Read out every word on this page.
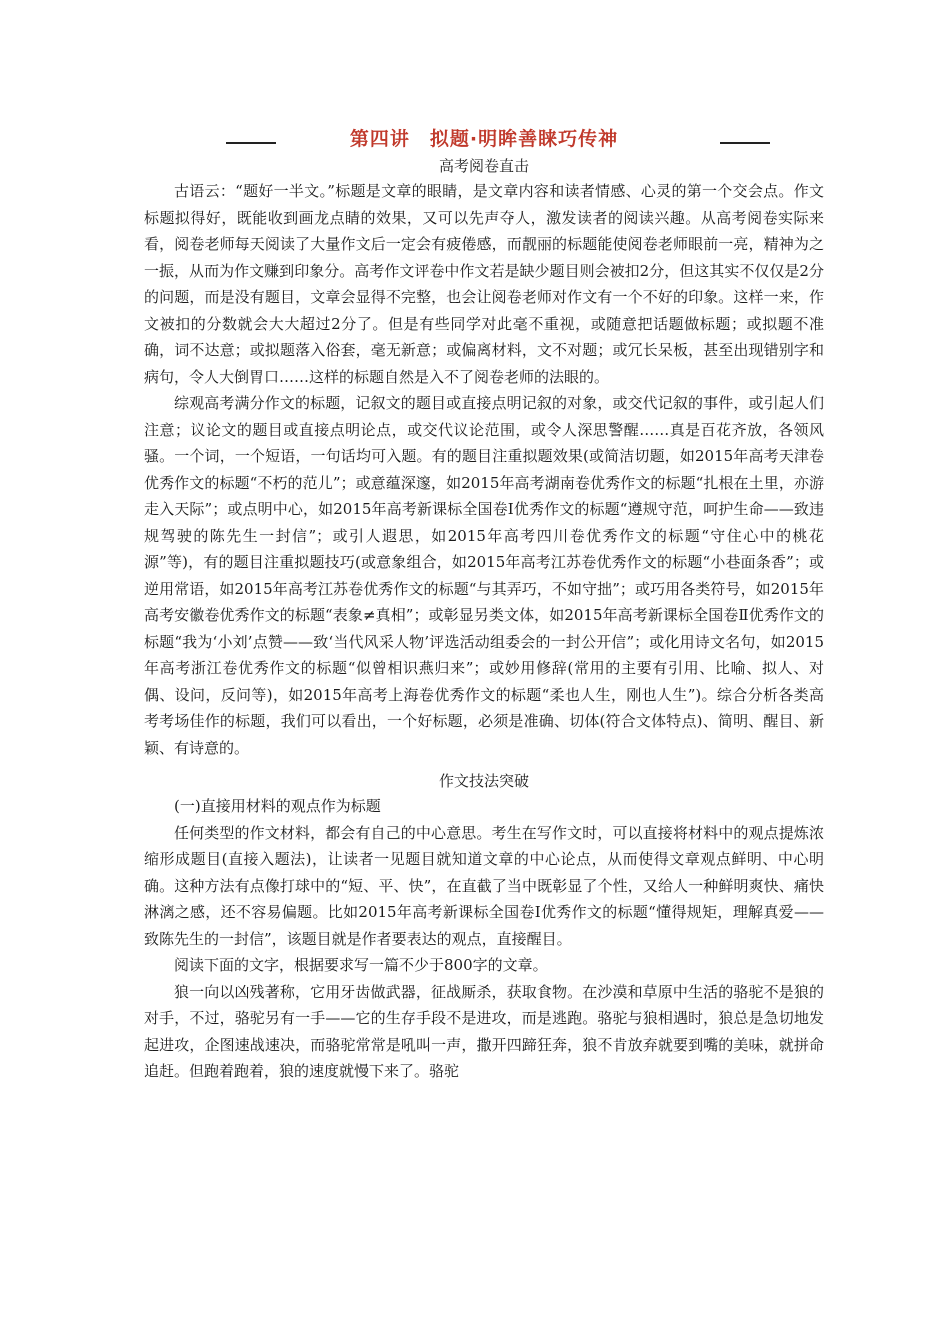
第四讲　拟题·明眸善睐巧传神
高考阅卷直击

古语云：“题好一半文。”标题是文章的眼睛，是文章内容和读者情感、心灵的第一个交会点。作文标题拟得好，既能收到画龙点睛的效果，又可以先声夺人，激发读者的阅读兴趣。从高考阅卷实际来看，阅卷老师每天阅读了大量作文后一定会有疲倦感，而靓丽的标题能使阅卷老师眼前一亮，精神为之一振，从而为作文赚到印象分。高考作文评卷中作文若是缺少题目则会被扣2分，但这其实不仅仅是2分的问题，而是没有题目，文章会显得不完整，也会让阅卷老师对作文有一个不好的印象。这样一来，作文被扣的分数就会大大超过2分了。但是有些同学对此毫不重视，或随意把话题做标题；或拟题不准确，词不达意；或拟题落入俗套，毫无新意；或偏离材料，文不对题；或冗长呆板，甚至出现错别字和病句，令人大倒胃口……这样的标题自然是入不了阅卷老师的法眼的。

综观高考满分作文的标题，记叙文的题目或直接点明记叙的对象，或交代记叙的事件，或引起人们注意；议论文的题目或直接点明论点，或交代议论范围，或令人深思警醒……真是百花齐放，各领风骚。一个词，一个短语，一句话均可入题。有的题目注重拟题效果(或简洁切题，如2015年高考天津卷优秀作文的标题“不朽的范儿”；或意蕴深邃，如2015年高考湖南卷优秀作文的标题“扎根在土里，亦游走入天际”；或点明中心，如2015年高考新课标全国卷Ⅰ优秀作文的标题“遵规守范，呵护生命——致违规驾驶的陈先生一封信”；或引人遐思，如2015年高考四川卷优秀作文的标题“守住心中的桃花源”等)，有的题目注重拟题技巧(或意象组合，如2015年高考江苏卷优秀作文的标题“小巷面条香”；或逆用常语，如2015年高考江苏卷优秀作文的标题“与其弄巧，不如守拙”；或巧用各类符号，如2015年高考安徽卷优秀作文的标题“表象≠真相”；或彰显另类文体，如2015年高考新课标全国卷Ⅱ优秀作文的标题“我为‘小刘’点赞——致‘当代风采人物’评选活动组委会的一封公开信”；或化用诗文名句，如2015年高考浙江卷优秀作文的标题“似曾相识燕归来”；或妙用修辞(常用的主要有引用、比喻、拟人、对偶、设问，反问等)，如2015年高考上海卷优秀作文的标题“柔也人生，刚也人生”)。综合分析各类高考考场佳作的标题，我们可以看出，一个好标题，必须是准确、切体(符合文体特点)、简明、醒目、新颖、有诗意的。

作文技法突破

(一)直接用材料的观点作为标题

任何类型的作文材料，都会有自己的中心意思。考生在写作文时，可以直接将材料中的观点提炼浓缩形成题目(直接入题法)，让读者一见题目就知道文章的中心论点，从而使得文章观点鲜明、中心明确。这种方法有点像打球中的“短、平、快”，在直截了当中既彰显了个性，又给人一种鲜明爽快、痛快淋漓之感，还不容易偏题。比如2015年高考新课标全国卷Ⅰ优秀作文的标题“懂得规矩，理解真爱——致陈先生的一封信”，该题目就是作者要表达的观点，直接醒目。

阅读下面的文字，根据要求写一篇不少于800字的文章。

狼一向以凶残著称，它用牙齿做武器，征战厮杀，获取食物。在沙漠和草原中生活的骆驼不是狼的对手，不过，骆驼另有一手——它的生存手段不是进攻，而是逃跑。骆驼与狼相遇时，狼总是急切地发起进攻，企图速战速决，而骆驼常常是吼叫一声，撒开四蹄狂奔，狼不肯放弃就要到嘴的美味，就拼命追赶。但跑着跑着，狼的速度就慢下来了。骆驼
